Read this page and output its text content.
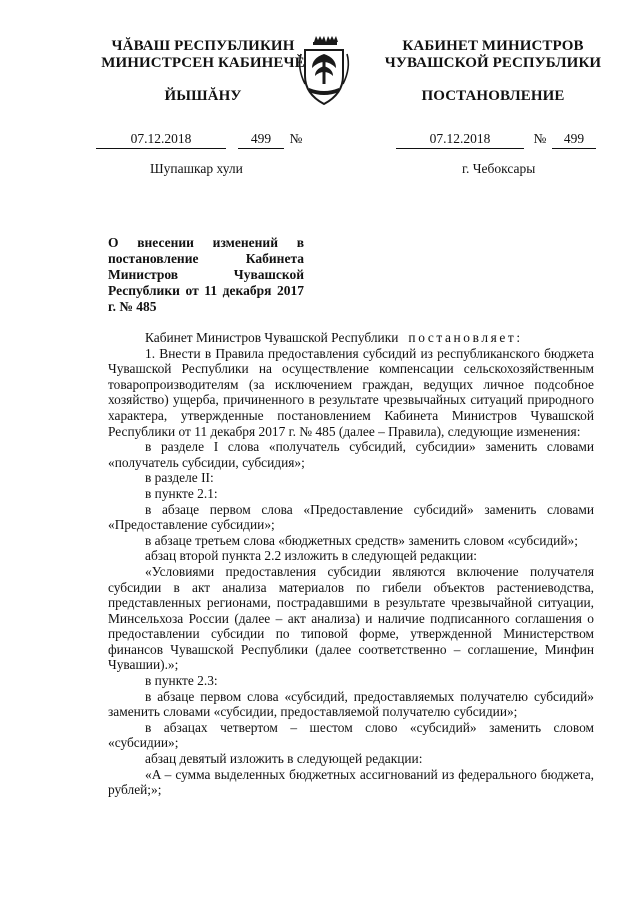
ЧĂВАШ РЕСПУБЛИКИН
МИНИСТРСЕН КАБИНЕЧĚ
ЙЫШĂНУ
КАБИНЕТ МИНИСТРОВ
ЧУВАШСКОЙ РЕСПУБЛИКИ
ПОСТАНОВЛЕНИЕ
07.12.2018	499	№	07.12.2018	№	499
Шупашкар хули	г. Чебоксары
О внесении изменений в постановление Кабинета Министров Чувашской Республики от 11 декабря 2017 г. № 485

Кабинет Министров Чувашской Республики постановляет:

1. Внести в Правила предоставления субсидий из республиканского бюджета Чувашской Республики на осуществление компенсации сельскохозяйственным товаропроизводителям (за исключением граждан, ведущих личное подсобное хозяйство) ущерба, причиненного в результате чрезвычайных ситуаций природного характера, утвержденные постановлением Кабинета Министров Чувашской Республики от 11 декабря 2017 г. № 485 (далее – Правила), следующие изменения:

в разделе I слова «получатель субсидий, субсидии» заменить словами «получатель субсидии, субсидия»;

в разделе II:

в пункте 2.1:

в абзаце первом слова «Предоставление субсидий» заменить словами «Предоставление субсидии»;

в абзаце третьем слова «бюджетных средств» заменить словом «субсидий»;

абзац второй пункта 2.2 изложить в следующей редакции:

«Условиями предоставления субсидии являются включение получателя субсидии в акт анализа материалов по гибели объектов растениеводства, представленных регионами, пострадавшими в результате чрезвычайной ситуации, Минсельхоза России (далее – акт анализа) и наличие подписанного соглашения о предоставлении субсидии по типовой форме, утвержденной Министерством финансов Чувашской Республики (далее соответственно – соглашение, Минфин Чувашии).»;

в пункте 2.3:

в абзаце первом слова «субсидий, предоставляемых получателю субсидий» заменить словами «субсидии, предоставляемой получателю субсидии»;

в абзацах четвертом – шестом слово «субсидий» заменить словом «субсидии»;

абзац девятый изложить в следующей редакции:

«A – сумма выделенных бюджетных ассигнований из федерального бюджета, рублей;»;
